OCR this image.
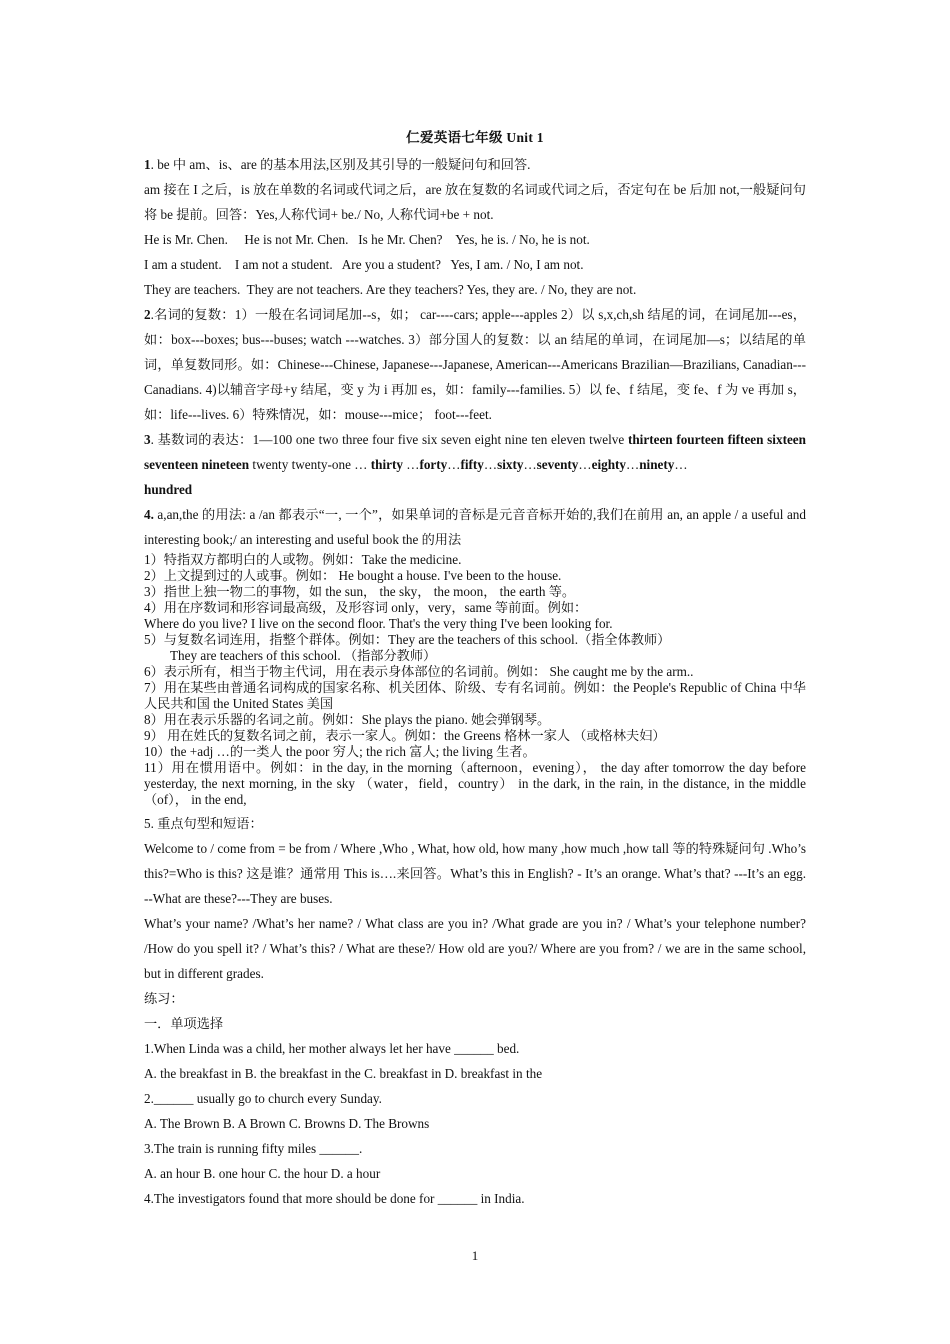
仁爱英语七年级 Unit 1

1. be 中 am、is、are 的基本用法,区别及其引导的一般疑问句和回答.

am 接在 I 之后，is 放在单数的名词或代词之后，are 放在复数的名词或代词之后，否定句在 be 后加 not,一般疑问句将 be 提前。回答：Yes,人称代词+ be./ No, 人称代词+be + not.

He is Mr. Chen.     He is not Mr. Chen.   Is he Mr. Chen?    Yes, he is. / No, he is not.

I am a student.    I am not a student.   Are you a student?   Yes, I am. / No, I am not.

They are teachers.  They are not teachers. Are they teachers? Yes, they are. / No, they are not.

2.名词的复数：1）一般在名词词尾加--s，如； car----cars; apple---apples 2）以 s,x,ch,sh 结尾的词，在词尾加---es，如：box---boxes; bus---buses; watch ---watches. 3）部分国人的复数：以 an 结尾的单词，在词尾加—s；以结尾的单词，单复数同形。如：Chinese---Chinese, Japanese---Japanese, American---Americans Brazilian—Brazilians, Canadian---Canadians. 4)以辅音字母+y 结尾，变 y 为 i 再加 es，如：family---families. 5）以 fe、f 结尾，变 fe、f 为 ve 再加 s，如：life---lives. 6）特殊情况，如：mouse---mice； foot---feet.

3. 基数词的表达：1—100 one two three four five six seven eight nine ten eleven twelve thirteen fourteen fifteen sixteen seventeen nineteen twenty twenty-one … thirty …forty…fifty…sixty…seventy…eighty…ninety…
hundred

4. a,an,the 的用法: a /an 都表示“一, 一个”，如果单词的音标是元音音标开始的,我们在前用 an, an apple / a useful and interesting book;/ an interesting and useful book the 的用法

1）特指双方都明白的人或物。例如：Take the medicine.

2）上文提到过的人或事。例如： He bought a house. I've been to the house.

3）指世上独一物二的事物，如 the sun， the sky， the moon， the earth 等。

4）用在序数词和形容词最高级，及形容词 only，very，same 等前面。例如：

Where do you live? I live on the second floor. That's the very thing I've been looking for.

5）与复数名词连用，指整个群体。例如：They are the teachers of this school.（指全体教师）

They are teachers of this school. （指部分教师）

6）表示所有，相当于物主代词，用在表示身体部位的名词前。例如： She caught me by the arm..

7）用在某些由普通名词构成的国家名称、机关团体、阶级、专有名词前。例如：the People's Republic of China 中华人民共和国 the United States 美国

8）用在表示乐器的名词之前。例如：She plays the piano. 她会弹钢琴。

9） 用在姓氏的复数名词之前，表示一家人。例如：the Greens 格林一家人 （或格林夫妇）

10）the +adj …的一类人 the poor 穷人; the rich 富人; the living 生者。

11）用在惯用语中。例如：in the day, in the morning（afternoon，evening）， the day after tomorrow the day before yesterday, the next morning, in the sky （water，field，country） in the dark, in the rain, in the distance, in the middle （of）， in the end,

5. 重点句型和短语：

Welcome to / come from = be from / Where ,Who , What, how old, how many ,how much ,how tall 等的特殊疑问句 .Who’s this?=Who is this? 这是谁？通常用 This is….来回答。What’s this in English? - It’s an orange. What’s that? ---It’s an egg. --What are these?---They are buses.

What’s your name? /What’s her name? / What class are you in? /What grade are you in? / What’s your telephone number? /How do you spell it? / What’s this? / What are these?/ How old are you?/ Where are you from? / we are in the same school, but in different grades.

练习：

一．单项选择

1.When Linda was a child, her mother always let her have ______ bed.

A. the breakfast in B. the breakfast in the C. breakfast in D. breakfast in the

2.______ usually go to church every Sunday.

A. The Brown B. A Brown C. Browns D. The Browns

3.The train is running fifty miles ______.

A. an hour B. one hour C. the hour D. a hour

4.The investigators found that more should be done for ______ in India.

1
